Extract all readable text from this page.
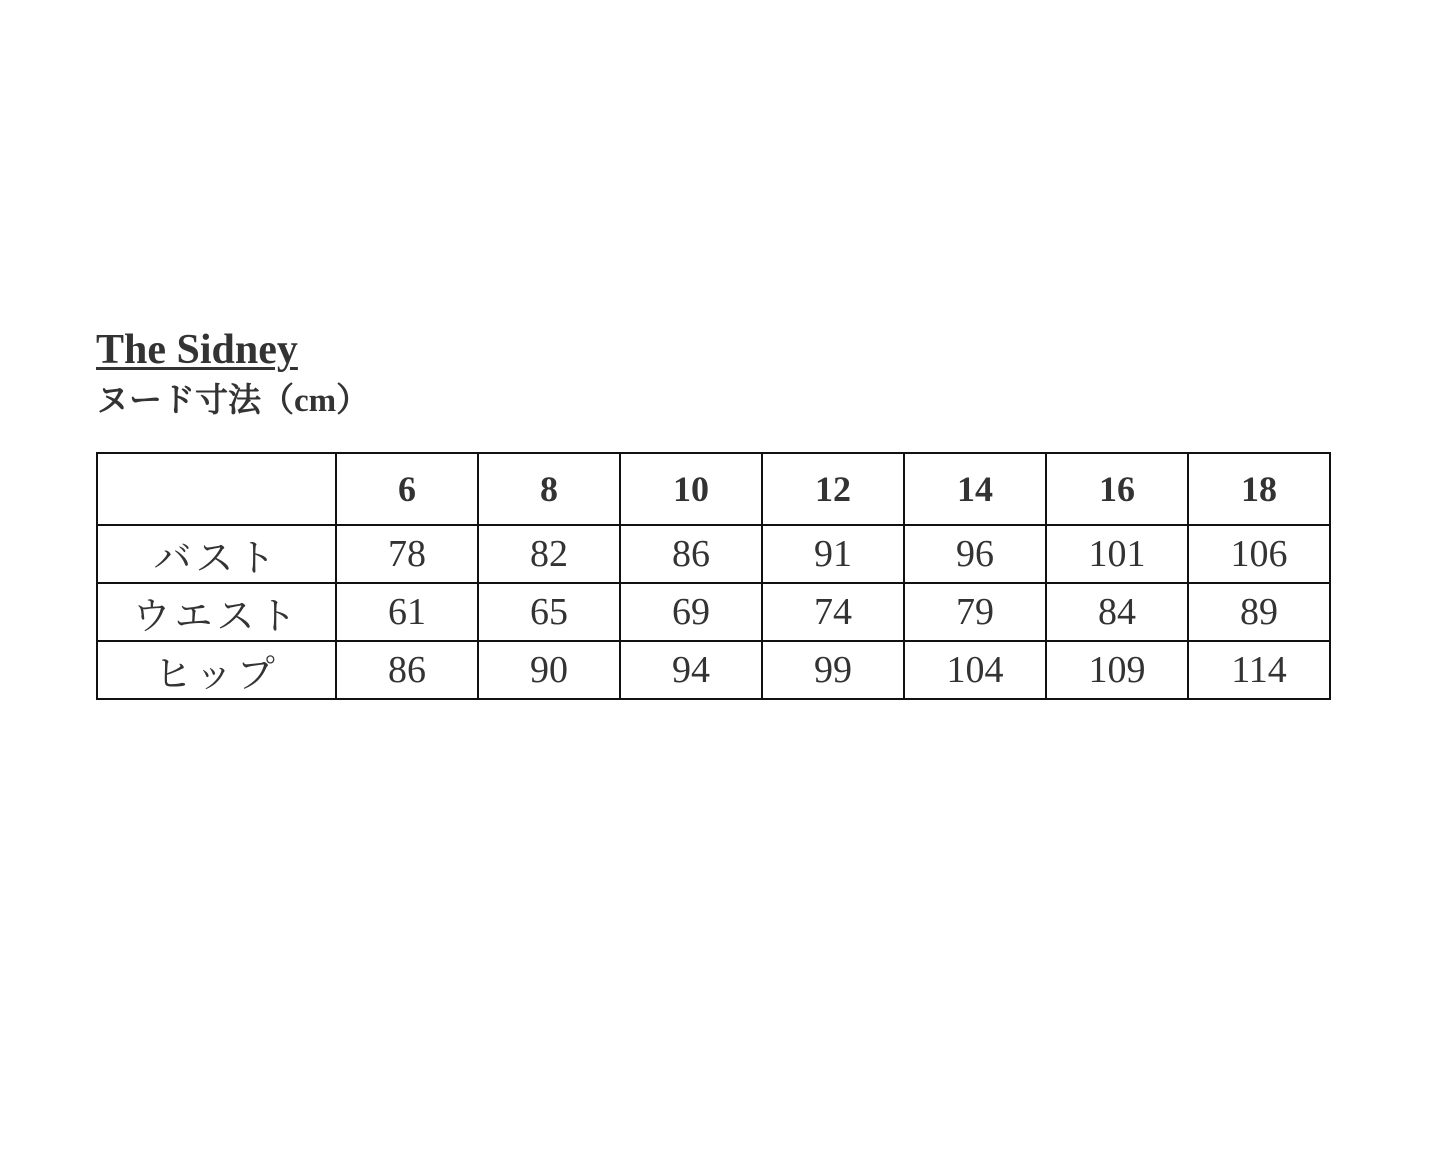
The Sidney
ヌード寸法（cm）
	6	8	10	12	14	16	18
バスト	78	82	86	91	96	101	106
ウエスト	61	65	69	74	79	84	89
ヒップ	86	90	94	99	104	109	114
